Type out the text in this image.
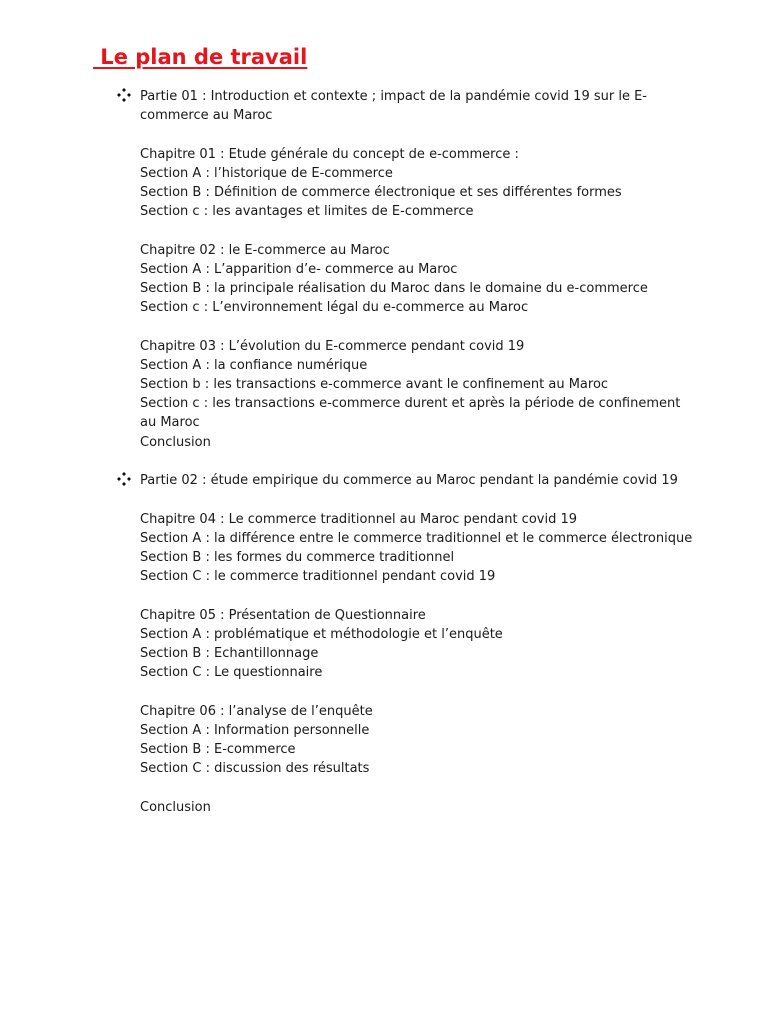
Le plan de travail
Partie 01 : Introduction et contexte ; impact de la pandémie covid 19 sur le E-commerce au Maroc
Chapitre 01 : Etude générale du concept de e-commerce :
Section A : l’historique de E-commerce
Section B : Définition de commerce électronique et ses différentes formes
Section c : les avantages et limites de E-commerce
Chapitre 02 : le E-commerce au Maroc
Section A : L’apparition d’e- commerce au Maroc
Section B : la principale réalisation du Maroc dans le domaine du e-commerce
Section c : L’environnement légal du e-commerce au Maroc
Chapitre 03 : L’évolution du E-commerce pendant covid 19
Section A : la confiance numérique
Section b : les transactions e-commerce avant le confinement au Maroc
Section c : les transactions e-commerce durent et après la période de confinement
au Maroc
Conclusion
Partie 02 : étude empirique du commerce au Maroc pendant la pandémie covid 19
Chapitre 04 : Le commerce traditionnel au Maroc pendant covid 19
Section A : la différence entre le commerce traditionnel et le commerce électronique
Section B : les formes du commerce traditionnel
Section C : le commerce traditionnel pendant covid 19
Chapitre 05 : Présentation de Questionnaire
Section A : problématique et méthodologie et l’enquête
Section B : Echantillonnage
Section C : Le questionnaire
Chapitre 06 : l’analyse de l’enquête
Section A : Information personnelle
Section B : E-commerce
Section C : discussion des résultats
Conclusion
